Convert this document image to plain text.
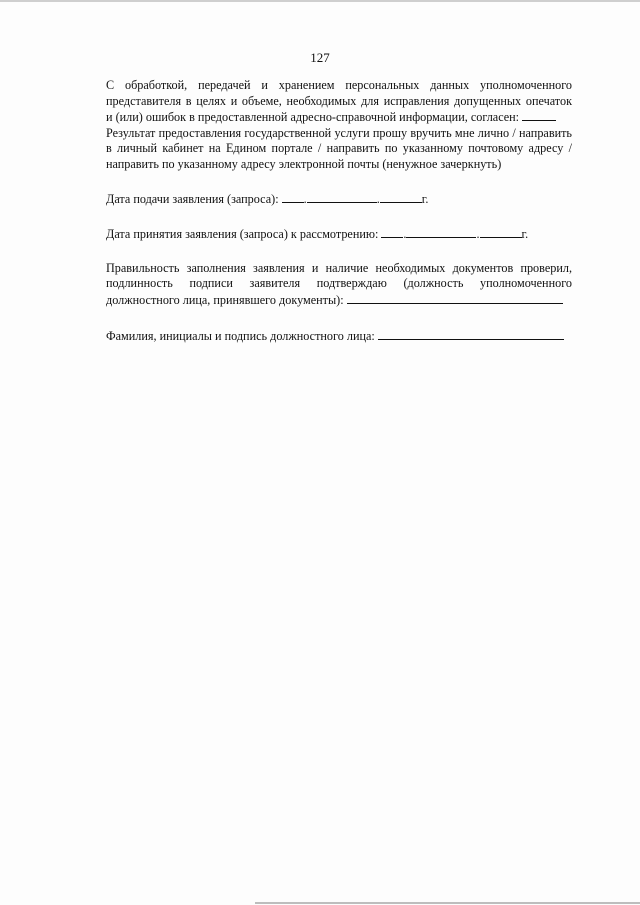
127

С обработкой, передачей и хранением персональных данных уполномоченного
представителя в целях и объеме, необходимых для исправления допущенных опечаток
и (или) ошибок в предоставленной адресно-справочной информации, согласен:
Результат предоставления государственной услуги прошу вручить мне лично / направить
в личный кабинет на Едином портале / направить по указанному почтовому адресу /
направить по указанному адресу электронной почты (ненужное зачеркнуть)

Дата подачи заявления (запроса): .	.	г.

Дата принятия заявления (запроса) к рассмотрению: .	.	г.

Правильность заполнения заявления и наличие необходимых документов проверил,
подлинность подписи заявителя подтверждаю (должность уполномоченного
должностного лица, принявшего документы):

Фамилия, инициалы и подпись должностного лица:
